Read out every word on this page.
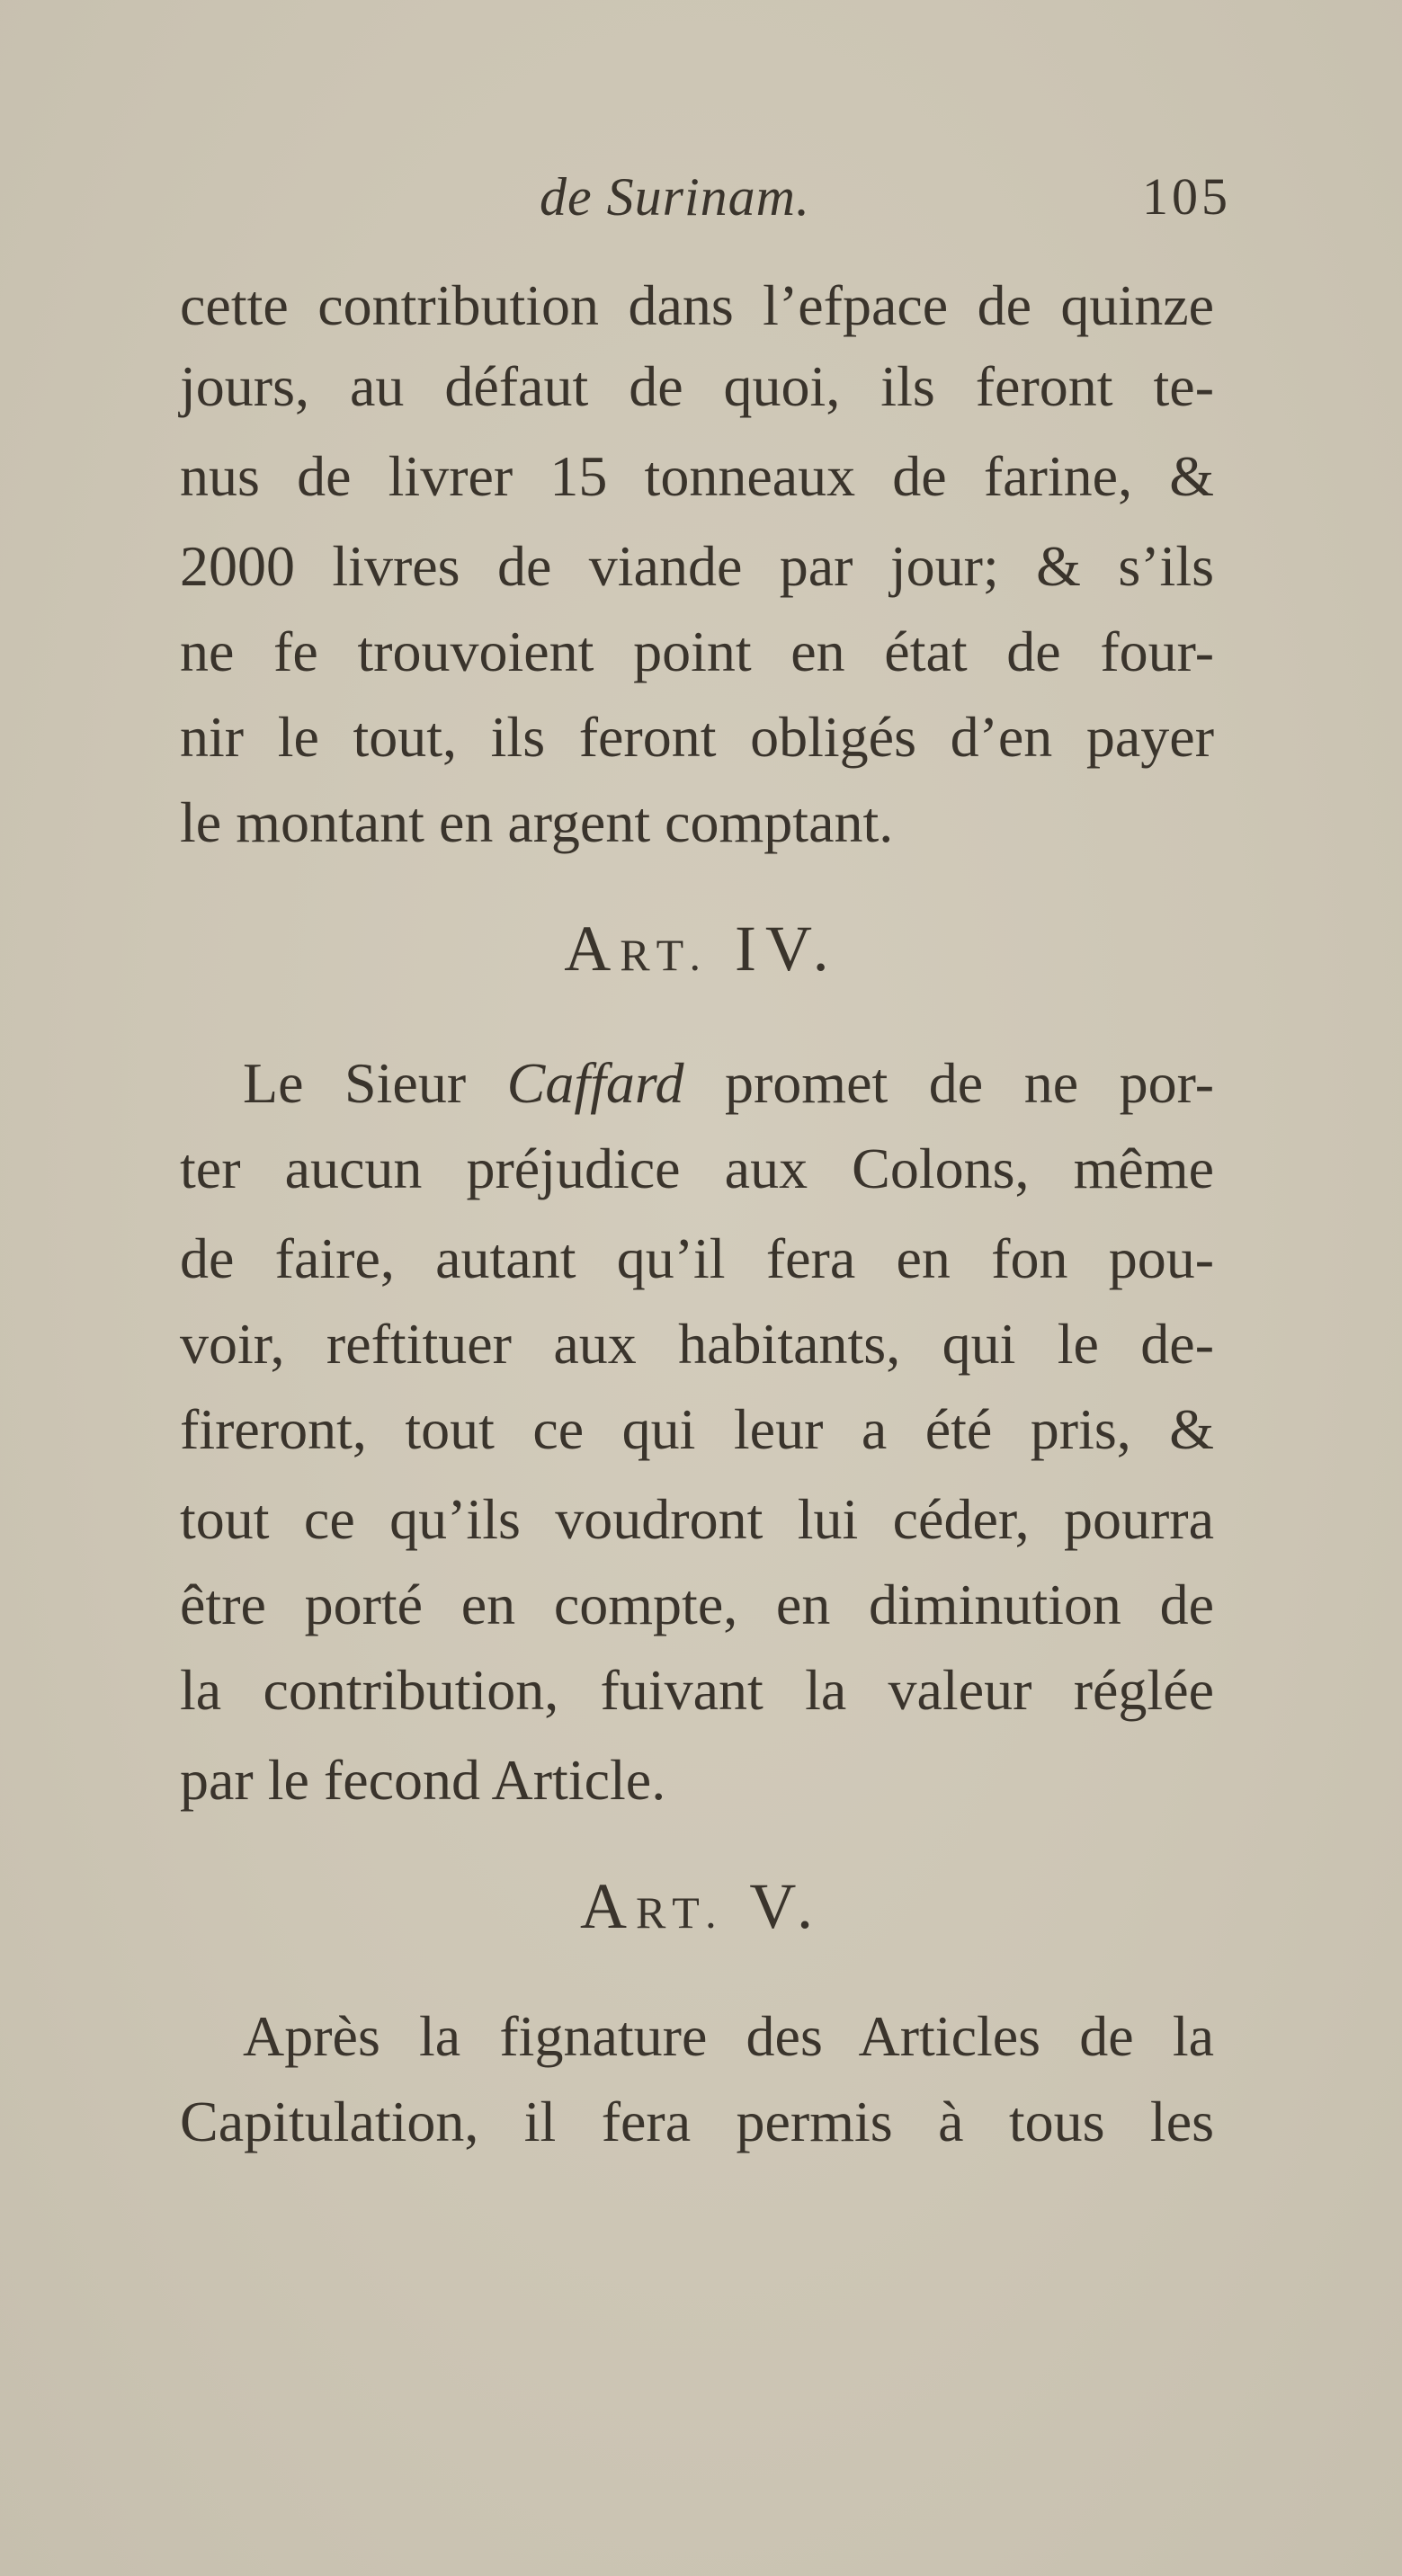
de Surinam.	105
cette contribution dans l’efpace de quinze
jours, au défaut de quoi, ils feront te-
nus de livrer 15 tonneaux de farine, &
2000 livres de viande par jour; & s’ils
ne fe trouvoient point en état de four-
nir le tout, ils feront obligés d’en payer
le montant en argent comptant.
ART. IV.
Le Sieur Caffard promet de ne por-
ter aucun préjudice aux Colons, même
de faire, autant qu’il fera en fon pou-
voir, reftituer aux habitants, qui le de-
fireront, tout ce qui leur a été pris, &
tout ce qu’ils voudront lui céder, pourra
être porté en compte, en diminution de
la contribution, fuivant la valeur réglée
par le fecond Article.
ART. V.
Après la fignature des Articles de la
Capitulation, il fera permis à tous les
